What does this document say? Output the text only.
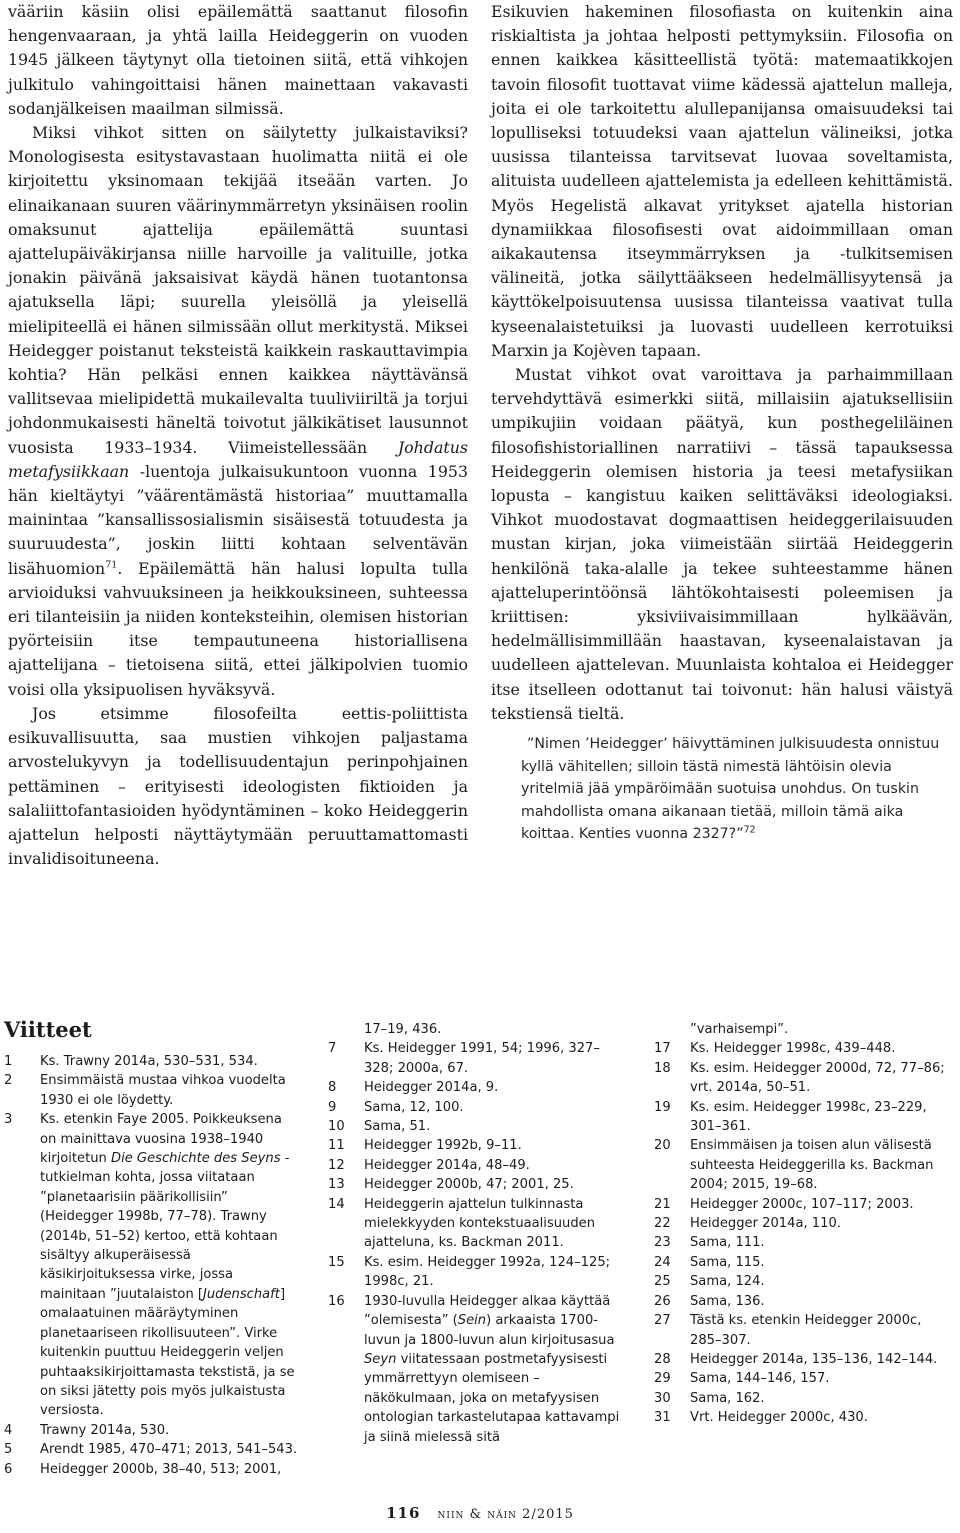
vääriin käsiin olisi epäilemättä saattanut filosofin hengenvaaraan, ja yhtä lailla Heideggerin on vuoden 1945 jälkeen täytynyt olla tietoinen siitä, että vihkojen julkitulo vahingoittaisi hänen mainettaan vakavasti sodanjälkeisen maailman silmissä.

Miksi vihkot sitten on säilytetty julkaistaviksi? Monologisesta esitystavastaan huolimatta niitä ei ole kirjoitettu yksinomaan tekijää itseään varten. Jo elinaikanaan suuren väärinymmärretyn yksinäisen roolin omaksunut ajattelija epäilemättä suuntasi ajattelupäiväkirjansa niille harvoille ja valituille, jotka jonakin päivänä jaksaisivat käydä hänen tuotantonsa ajatuksella läpi; suurella yleisöllä ja yleisellä mielipiteellä ei hänen silmissään ollut merkitystä. Miksei Heidegger poistanut teksteistä kaikkein raskauttavimpia kohtia? Hän pelkäsi ennen kaikkea näyttävänsä vallitsevaa mielipidettä mukailevalta tuuliviiriltä ja torjui johdonmukaisesti häneltä toivotut jälkikätiset lausunnot vuosista 1933–1934. Viimeistellessään Johdatus metafysiikkaan -luentoja julkaisukuntoon vuonna 1953 hän kieltäytyi ”väärentämästä historiaa” muuttamalla mainintaa ”kansallissosialismin sisäisestä totuudesta ja suuruudesta”, joskin liitti kohtaan selventävän lisähuomion$^{71}$. Epäilemättä hän halusi lopulta tulla arvioiduksi vahvuuksineen ja heikkouksineen, suhteessa eri tilanteisiin ja niiden konteksteihin, olemisen historian pyörteisiin itse tempautuneena historiallisena ajattelijana – tietoisena siitä, ettei jälkipolvien tuomio voisi olla yksipuolisen hyväksyvä.

Jos etsimme filosofeilta eettis-poliittista esikuvallisuutta, saa mustien vihkojen paljastama arvostelukyvyn ja todellisuudentajun perinpohjainen pettäminen – erityisesti ideologisten fiktioiden ja salaliittofantasioiden hyödyntäminen – koko Heideggerin ajattelun helposti näyttäytymään peruuttamattomasti invalidisoituneena.

Esikuvien hakeminen filosofiasta on kuitenkin aina riskialtista ja johtaa helposti pettymyksiin. Filosofia on ennen kaikkea käsitteellistä työtä: matemaatikkojen tavoin filosofit tuottavat viime kädessä ajattelun malleja, joita ei ole tarkoitettu alullepanijansa omaisuudeksi tai lopulliseksi totuudeksi vaan ajattelun välineiksi, jotka uusissa tilanteissa tarvitsevat luovaa soveltamista, alituista uudelleen ajattelemista ja edelleen kehittämistä. Myös Hegelistä alkavat yritykset ajatella historian dynamiikkaa filosofisesti ovat aidoimmillaan oman aikakautensa itseymmärryksen ja -tulkitsemisen välineitä, jotka säilyttääkseen hedelmällisyytensä ja käyttökelpoisuutensa uusissa tilanteissa vaativat tulla kyseenalaistetuiksi ja luovasti uudelleen kerrotuiksi Marxin ja Kojèven tapaan.

Mustat vihkot ovat varoittava ja parhaimmillaan tervehdyttävä esimerkki siitä, millaisiin ajatuksellisiin umpikujiin voidaan päätyä, kun posthegeliläinen filosofishistoriallinen narratiivi – tässä tapauksessa Heideggerin olemisen historia ja teesi metafysiikan lopusta – kangistuu kaiken selittäväksi ideologiaksi. Vihkot muodostavat dogmaattisen heideggerilaisuuden mustan kirjan, joka viimeistään siirtää Heideggerin henkilönä taka-alalle ja tekee suhteestamme hänen ajatteluperintöönsä lähtökohtaisesti poleemisen ja kriittisen: yksiviivaisimmillaan hylkäävän, hedelmällisimmillään haastavan, kyseenalaistavan ja uudelleen ajattelevan. Muunlaista kohtaloa ei Heidegger itse itselleen odottanut tai toivonut: hän halusi väistyä tekstiensä tieltä.

”Nimen ’Heidegger’ häivyttäminen julkisuudesta onnistuu kyllä vähitellen; silloin tästä nimestä lähtöisin olevia yritelmiä jää ympäröimään suotuisa unohdus. On tuskin mahdollista omana aikanaan tietää, milloin tämä aika koittaa. Kenties vuonna 2327?”$^{72}$

Viitteet
1	Ks. Trawny 2014a, 530–531, 534.
2	Ensimmäistä mustaa vihkoa vuodelta 1930 ei ole löydetty.
3	Ks. etenkin Faye 2005. Poikkeuksena on mainittava vuosina 1938–1940 kirjoitetun Die Geschichte des Seyns -tutkielman kohta, jossa viitataan ”planetaarisiin päärikollisiin” (Heidegger 1998b, 77–78). Trawny (2014b, 51–52) kertoo, että kohtaan sisältyy alkuperäisessä käsikirjoituksessa virke, jossa mainitaan ”juutalaiston [Judenschaft] omalaatuinen määräytyminen planetaariseen rikollisuuteen”. Virke kuitenkin puuttuu Heideggerin veljen puhtaaksikirjoittamasta tekstistä, ja se on siksi jätetty pois myös julkaistusta versiosta.
4	Trawny 2014a, 530.
5	Arendt 1985, 470–471; 2013, 541–543.
6	Heidegger 2000b, 38–40, 513; 2001,
17–19, 436.
7	Ks. Heidegger 1991, 54; 1996, 327–328; 2000a, 67.
8	Heidegger 2014a, 9.
9	Sama, 12, 100.
10	Sama, 51.
11	Heidegger 1992b, 9–11.
12	Heidegger 2014a, 48–49.
13	Heidegger 2000b, 47; 2001, 25.
14	Heideggerin ajattelun tulkinnasta mielekkyyden kontekstuaalisuuden ajatteluna, ks. Backman 2011.
15	Ks. esim. Heidegger 1992a, 124–125; 1998c, 21.
16	1930-luvulla Heidegger alkaa käyttää ”olemisesta” (Sein) arkaaista 1700-luvun ja 1800-luvun alun kirjoitusasua Seyn viitatessaan postmetafyysisesti ymmärrettyyn olemiseen – näkökulmaan, joka on metafyysisen ontologian tarkastelutapaa kattavampi ja siinä mielessä sitä
”varhaisempi”.
17	Ks. Heidegger 1998c, 439–448.
18	Ks. esim. Heidegger 2000d, 72, 77–86; vrt. 2014a, 50–51.
19	Ks. esim. Heidegger 1998c, 23–229, 301–361.
20	Ensimmäisen ja toisen alun välisestä suhteesta Heideggerilla ks. Backman 2004; 2015, 19–68.
21	Heidegger 2000c, 107–117; 2003.
22	Heidegger 2014a, 110.
23	Sama, 111.
24	Sama, 115.
25	Sama, 124.
26	Sama, 136.
27	Tästä ks. etenkin Heidegger 2000c, 285–307.
28	Heidegger 2014a, 135–136, 142–144.
29	Sama, 144–146, 157.
30	Sama, 162.
31	Vrt. Heidegger 2000c, 430.
116 niin & näin 2/2015
